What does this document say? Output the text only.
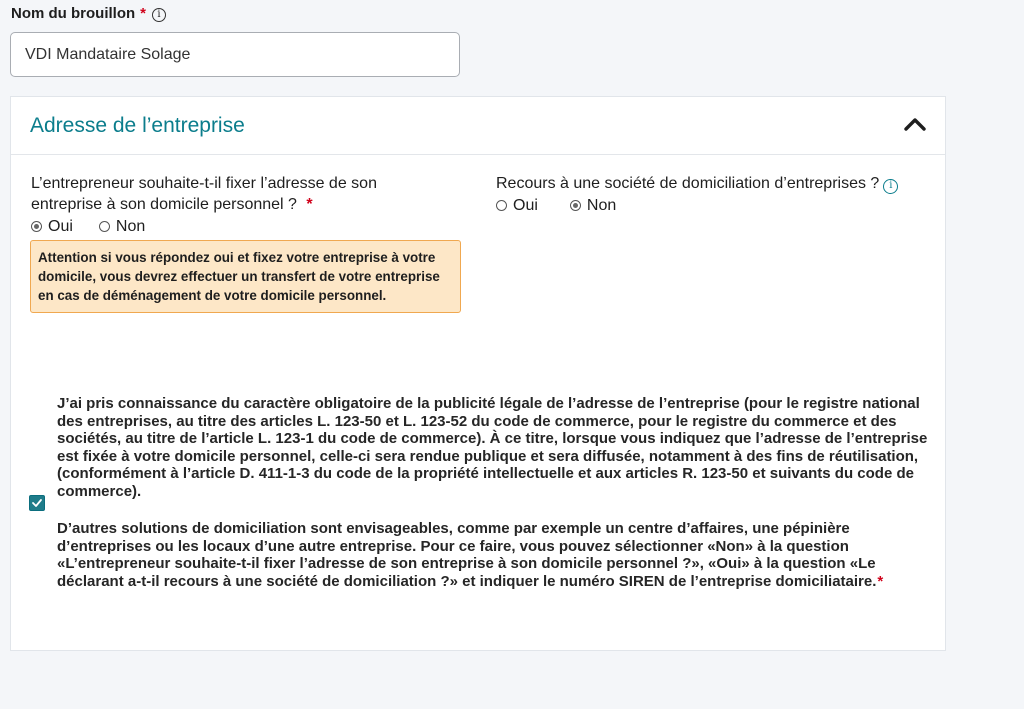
Nom du brouillon *	i
VDI Mandataire Solage
Adresse de l’entreprise
L’entrepreneur souhaite-t-il fixer l’adresse de son entreprise à son domicile personnel ? *
Oui	Non
Attention si vous répondez oui et fixez votre entreprise à votre domicile, vous devrez effectuer un transfert de votre entreprise en cas de déménagement de votre domicile personnel.
Recours à une société de domiciliation d’entreprises ? i
Oui	Non

J’ai pris connaissance du caractère obligatoire de la publicité légale de l’adresse de l’entreprise (pour le registre national des entreprises, au titre des articles L. 123-50 et L. 123-52 du code de commerce, pour le registre du commerce et des sociétés, au titre de l’article L. 123-1 du code de commerce). À ce titre, lorsque vous indiquez que l’adresse de l’entreprise est fixée à votre domicile personnel, celle-ci sera rendue publique et sera diffusée, notamment à des fins de réutilisation, (conformément à l’article D. 411-1-3 du code de la propriété intellectuelle et aux articles R. 123-50 et suivants du code de commerce).

D’autres solutions de domiciliation sont envisageables, comme par exemple un centre d’affaires, une pépinière d’entreprises ou les locaux d’une autre entreprise. Pour ce faire, vous pouvez sélectionner «Non» à la question «L’entrepreneur souhaite-t-il fixer l’adresse de son entreprise à son domicile personnel ?», «Oui» à la question «Le déclarant a-t-il recours à une société de domiciliation ?» et indiquer le numéro SIREN de l’entreprise domiciliataire.*
